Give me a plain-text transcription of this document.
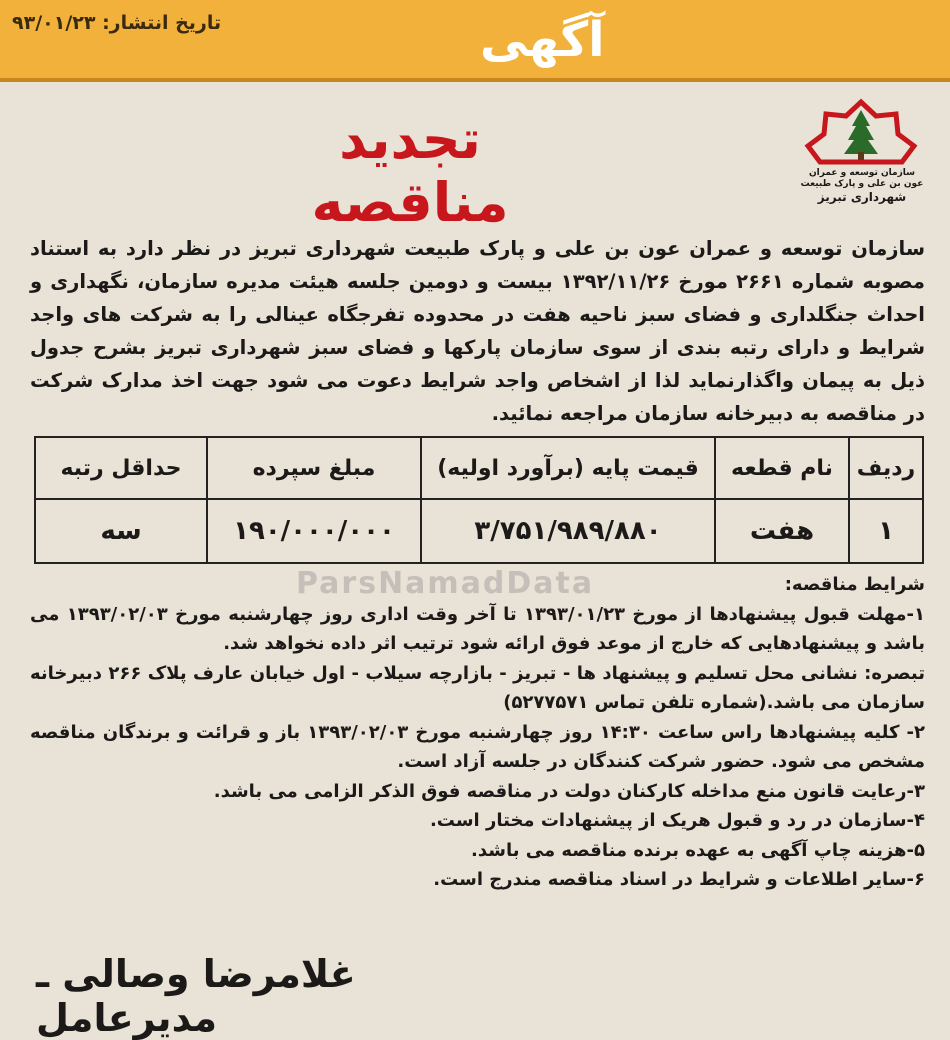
تاریخ انتشار: ۹۳/۰۱/۲۳	آگهی
سازمان توسعه و عمران
عون بن علی و پارک طبیعت
شهرداری تبریز
تجدید مناقصه
سازمان توسعه و عمران عون بن علی و پارک طبیعت شهرداری تبریز در نظر دارد به استناد مصوبه شماره ۲۶۶۱ مورخ ۱۳۹۲/۱۱/۲۶ بیست و دومین جلسه هیئت مدیره سازمان، نگهداری و احداث جنگلداری و فضای سبز ناحیه هفت در محدوده تفرجگاه عینالی را به شرکت های واجد شرایط و دارای رتبه بندی از سوی سازمان پارکها و فضای سبز شهرداری تبریز بشرح جدول ذیل به پیمان واگذارنماید لذا از اشخاص واجد شرایط دعوت می شود جهت اخذ مدارک شرکت در مناقصه به دبیرخانه سازمان مراجعه نمائید.
ردیف	نام قطعه	قیمت پایه (برآورد اولیه)	مبلغ سپرده	حداقل رتبه
۱	هفت	۳/۷۵۱/۹۸۹/۸۸۰	۱۹۰/۰۰۰/۰۰۰	سه
ParsNamadData	شرایط مناقصه:

۱-مهلت قبول پیشنهادها از مورخ ۱۳۹۳/۰۱/۲۳ تا آخر وقت اداری روز چهارشنبه مورخ ۱۳۹۳/۰۲/۰۳ می باشد و پیشنهادهایی که خارج از موعد فوق ارائه شود ترتیب اثر داده نخواهد شد.

تبصره: نشانی محل تسلیم و پیشنهاد ها - تبریز - بازارچه سیلاب - اول خیابان عارف پلاک ۲۶۶ دبیرخانه سازمان می باشد.(شماره تلفن تماس ۵۲۷۷۵۷۱)

۲- کلیه پیشنهادها راس ساعت ۱۴:۳۰ روز چهارشنبه مورخ ۱۳۹۳/۰۲/۰۳ باز و قرائت و برندگان مناقصه مشخص می شود. حضور شرکت کنندگان در جلسه آزاد است.

۳-رعایت قانون منع مداخله کارکنان دولت در مناقصه فوق الذکر الزامی می باشد.

۴-سازمان در رد و قبول هریک از پیشنهادات مختار است.

۵-هزینه چاپ آگهی به عهده برنده مناقصه می باشد.

۶-سایر اطلاعات و شرایط در اسناد مناقصه مندرج است.

غلامرضا وصالی ـ مدیرعامل
